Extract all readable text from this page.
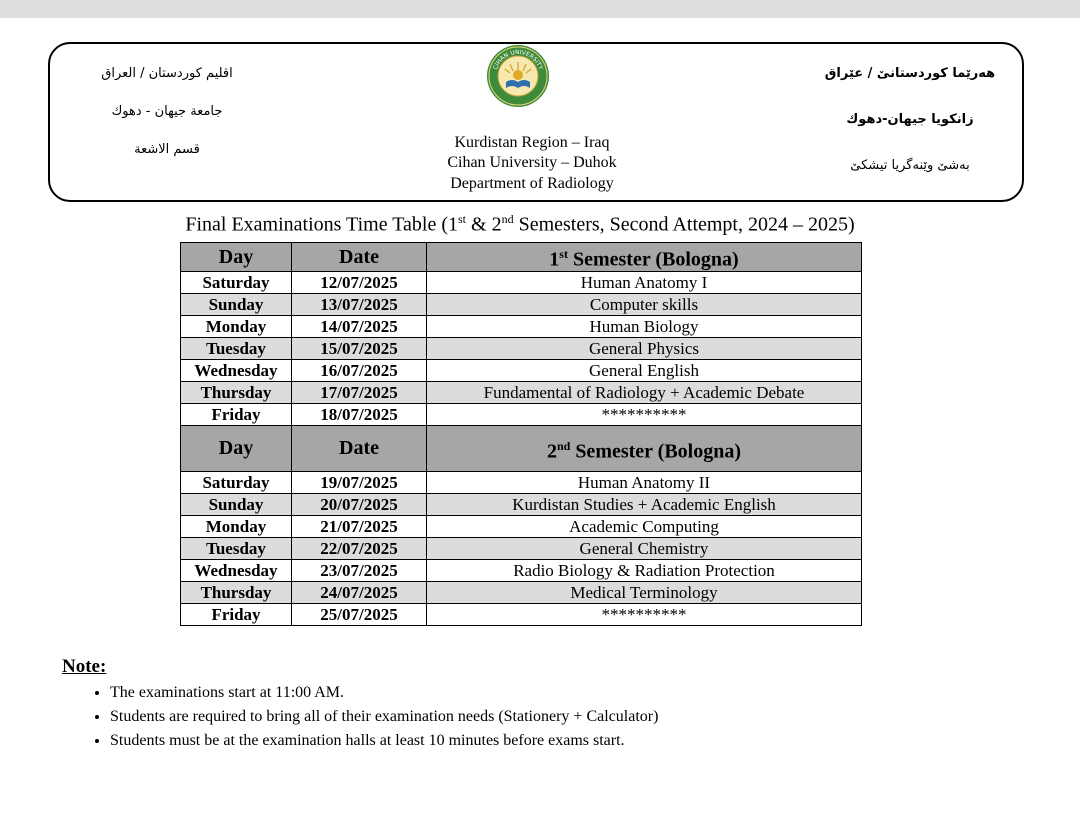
اقليم كوردستان / العراق
جامعة جيهان - دهوك
قسم الاشعة
CIHAN UNIVERSITY
Kurdistan Region – Iraq
Cihan University – Duhok
Department of Radiology
هەرێما کوردستانێ / عێراق
زانکویا جیهان-دهوك
بەشێ وێنەگریا تیشکێ
Final Examinations Time Table (1st & 2nd Semesters, Second Attempt, 2024 – 2025)
Day	Date	1st Semester (Bologna)
Saturday	12/07/2025	Human Anatomy I
Sunday	13/07/2025	Computer skills
Monday	14/07/2025	Human Biology
Tuesday	15/07/2025	General Physics
Wednesday	16/07/2025	General English
Thursday	17/07/2025	Fundamental of Radiology + Academic Debate
Friday	18/07/2025	**********
Day	Date	2nd Semester (Bologna)
Saturday	19/07/2025	Human Anatomy II
Sunday	20/07/2025	Kurdistan Studies + Academic English
Monday	21/07/2025	Academic Computing
Tuesday	22/07/2025	General Chemistry
Wednesday	23/07/2025	Radio Biology & Radiation Protection
Thursday	24/07/2025	Medical Terminology
Friday	25/07/2025	**********
Note:
• The examinations start at 11:00 AM.
• Students are required to bring all of their examination needs (Stationery + Calculator)
• Students must be at the examination halls at least 10 minutes before exams start.
